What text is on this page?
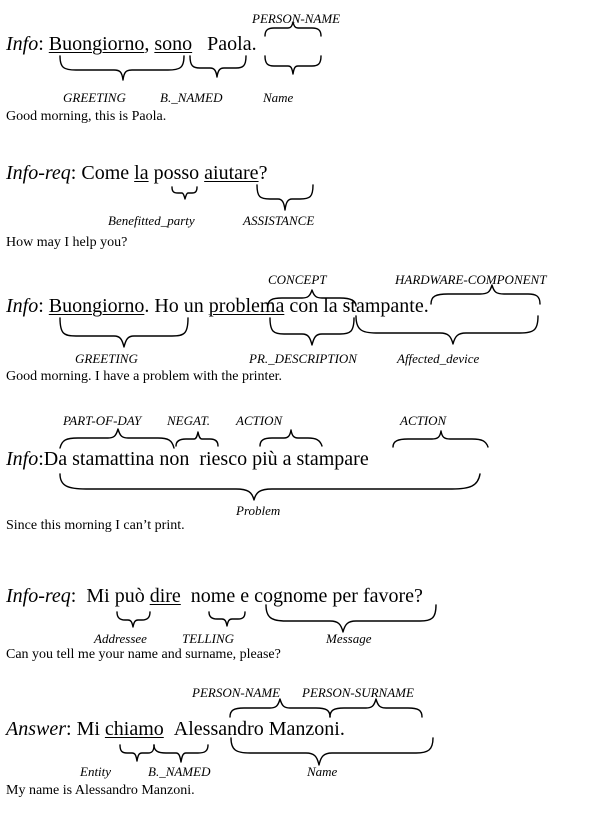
Info: Buongiorno, sono Paola.
PERSON-NAME
GREETING	B._NAMED	Name
Good morning, this is Paola.
Info-req: Come la posso aiutare?
Benefitted_party	ASSISTANCE
How may I help you?
Info: Buongiorno. Ho un problema con la stampante.
CONCEPT	HARDWARE-COMPONENT
GREETING	PR._DESCRIPTION	Affected_device
Good morning. I have a problem with the printer.
Info:Da stamattina non riesco più a stampare
PART-OF-DAY NEGAT. ACTION	ACTION
Problem
Since this morning I can’t print.
Info-req:  Mi può dire nome e cognome per favore?
Addressee	TELLING	Message
Can you tell me your name and surname, please?
Answer: Mi chiamo Alessandro Manzoni.
PERSON-NAME PERSON-SURNAME
Entity	B._NAMED	Name
My name is Alessandro Manzoni.
